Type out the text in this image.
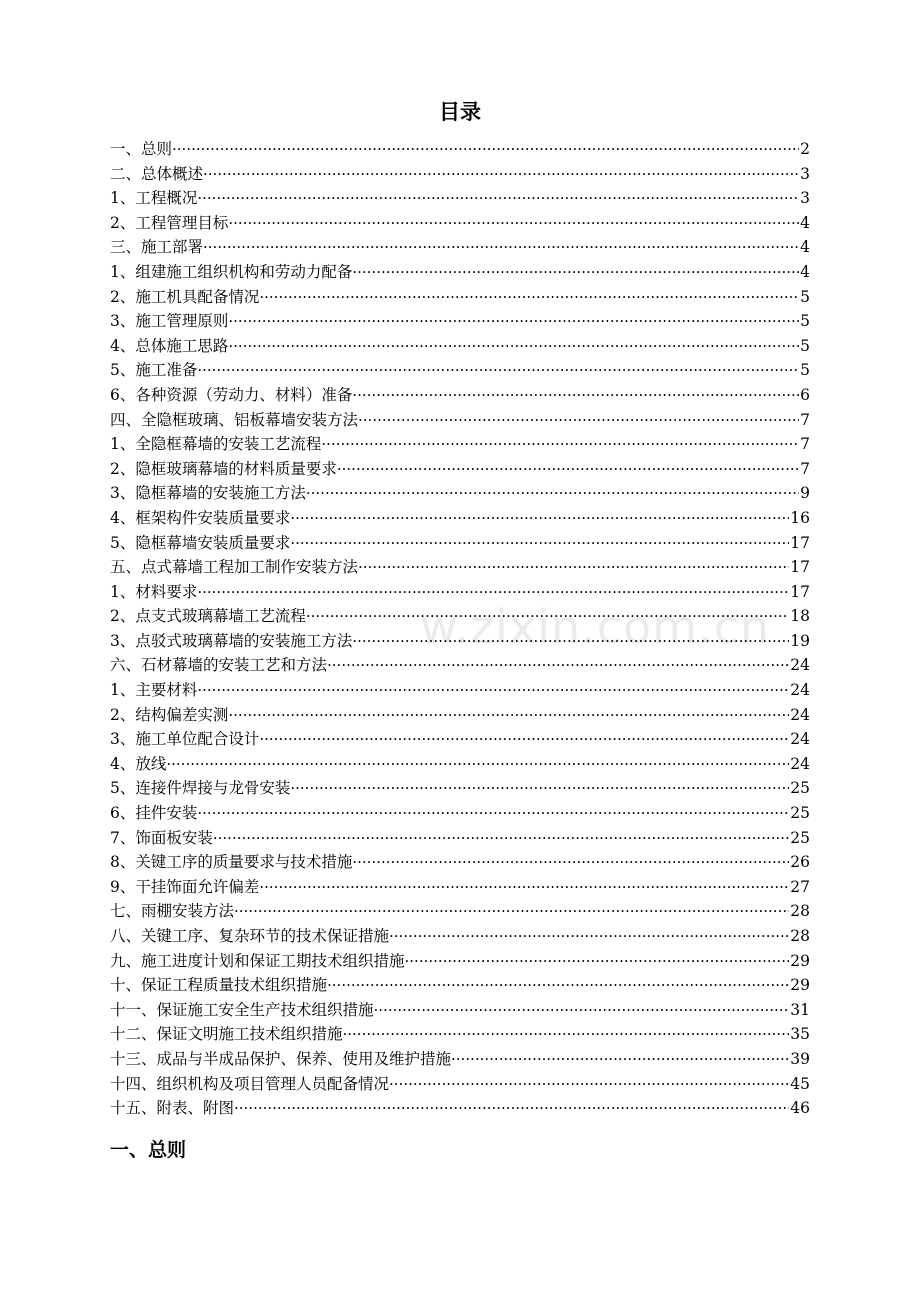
目录
一、总则 ·····	2
二、总体概述 ·····	3
1、工程概况 ·····	3
2、工程管理目标 ·····	4
三、施工部署 ·····	4
1、组建施工组织机构和劳动力配备 ·····	4
2、施工机具配备情况 ·····	5
3、施工管理原则 ·····	5
4、总体施工思路 ·····	5
5、施工准备 ·····	5
6、各种资源（劳动力、材料）准备 ·····	6
四、全隐框玻璃、铝板幕墙安装方法 ·····	7
1、全隐框幕墙的安装工艺流程 ·····	7
2、隐框玻璃幕墙的材料质量要求 ·····	7
3、隐框幕墙的安装施工方法 ·····	9
4、框架构件安装质量要求 ·····	16
5、隐框幕墙安装质量要求 ·····	17
五、点式幕墙工程加工制作安装方法 ·····	17
1、材料要求 ·····	17
2、点支式玻璃幕墙工艺流程 ·····	18
3、点驳式玻璃幕墙的安装施工方法 ·····	19
六、石材幕墙的安装工艺和方法 ·····	24
1、主要材料 ·····	24
2、结构偏差实测 ·····	24
3、施工单位配合设计 ·····	24
4、放线 ·····	24
5、连接件焊接与龙骨安装 ·····	25
6、挂件安装 ·····	25
7、饰面板安装 ·····	25
8、关键工序的质量要求与技术措施 ·····	26
9、干挂饰面允许偏差 ·····	27
七、雨棚安装方法 ·····	28
八、关键工序、复杂环节的技术保证措施 ·····	28
九、施工进度计划和保证工期技术组织措施 ·····	29
十、保证工程质量技术组织措施 ·····	29
十一、保证施工安全生产技术组织措施 ·····	31
十二、保证文明施工技术组织措施 ·····	35
十三、成品与半成品保护、保养、使用及维护措施 ·····	39
十四、组织机构及项目管理人员配备情况 ·····	45
十五、附表、附图 ·····	46
一、总则
w.zixin.com.cn
